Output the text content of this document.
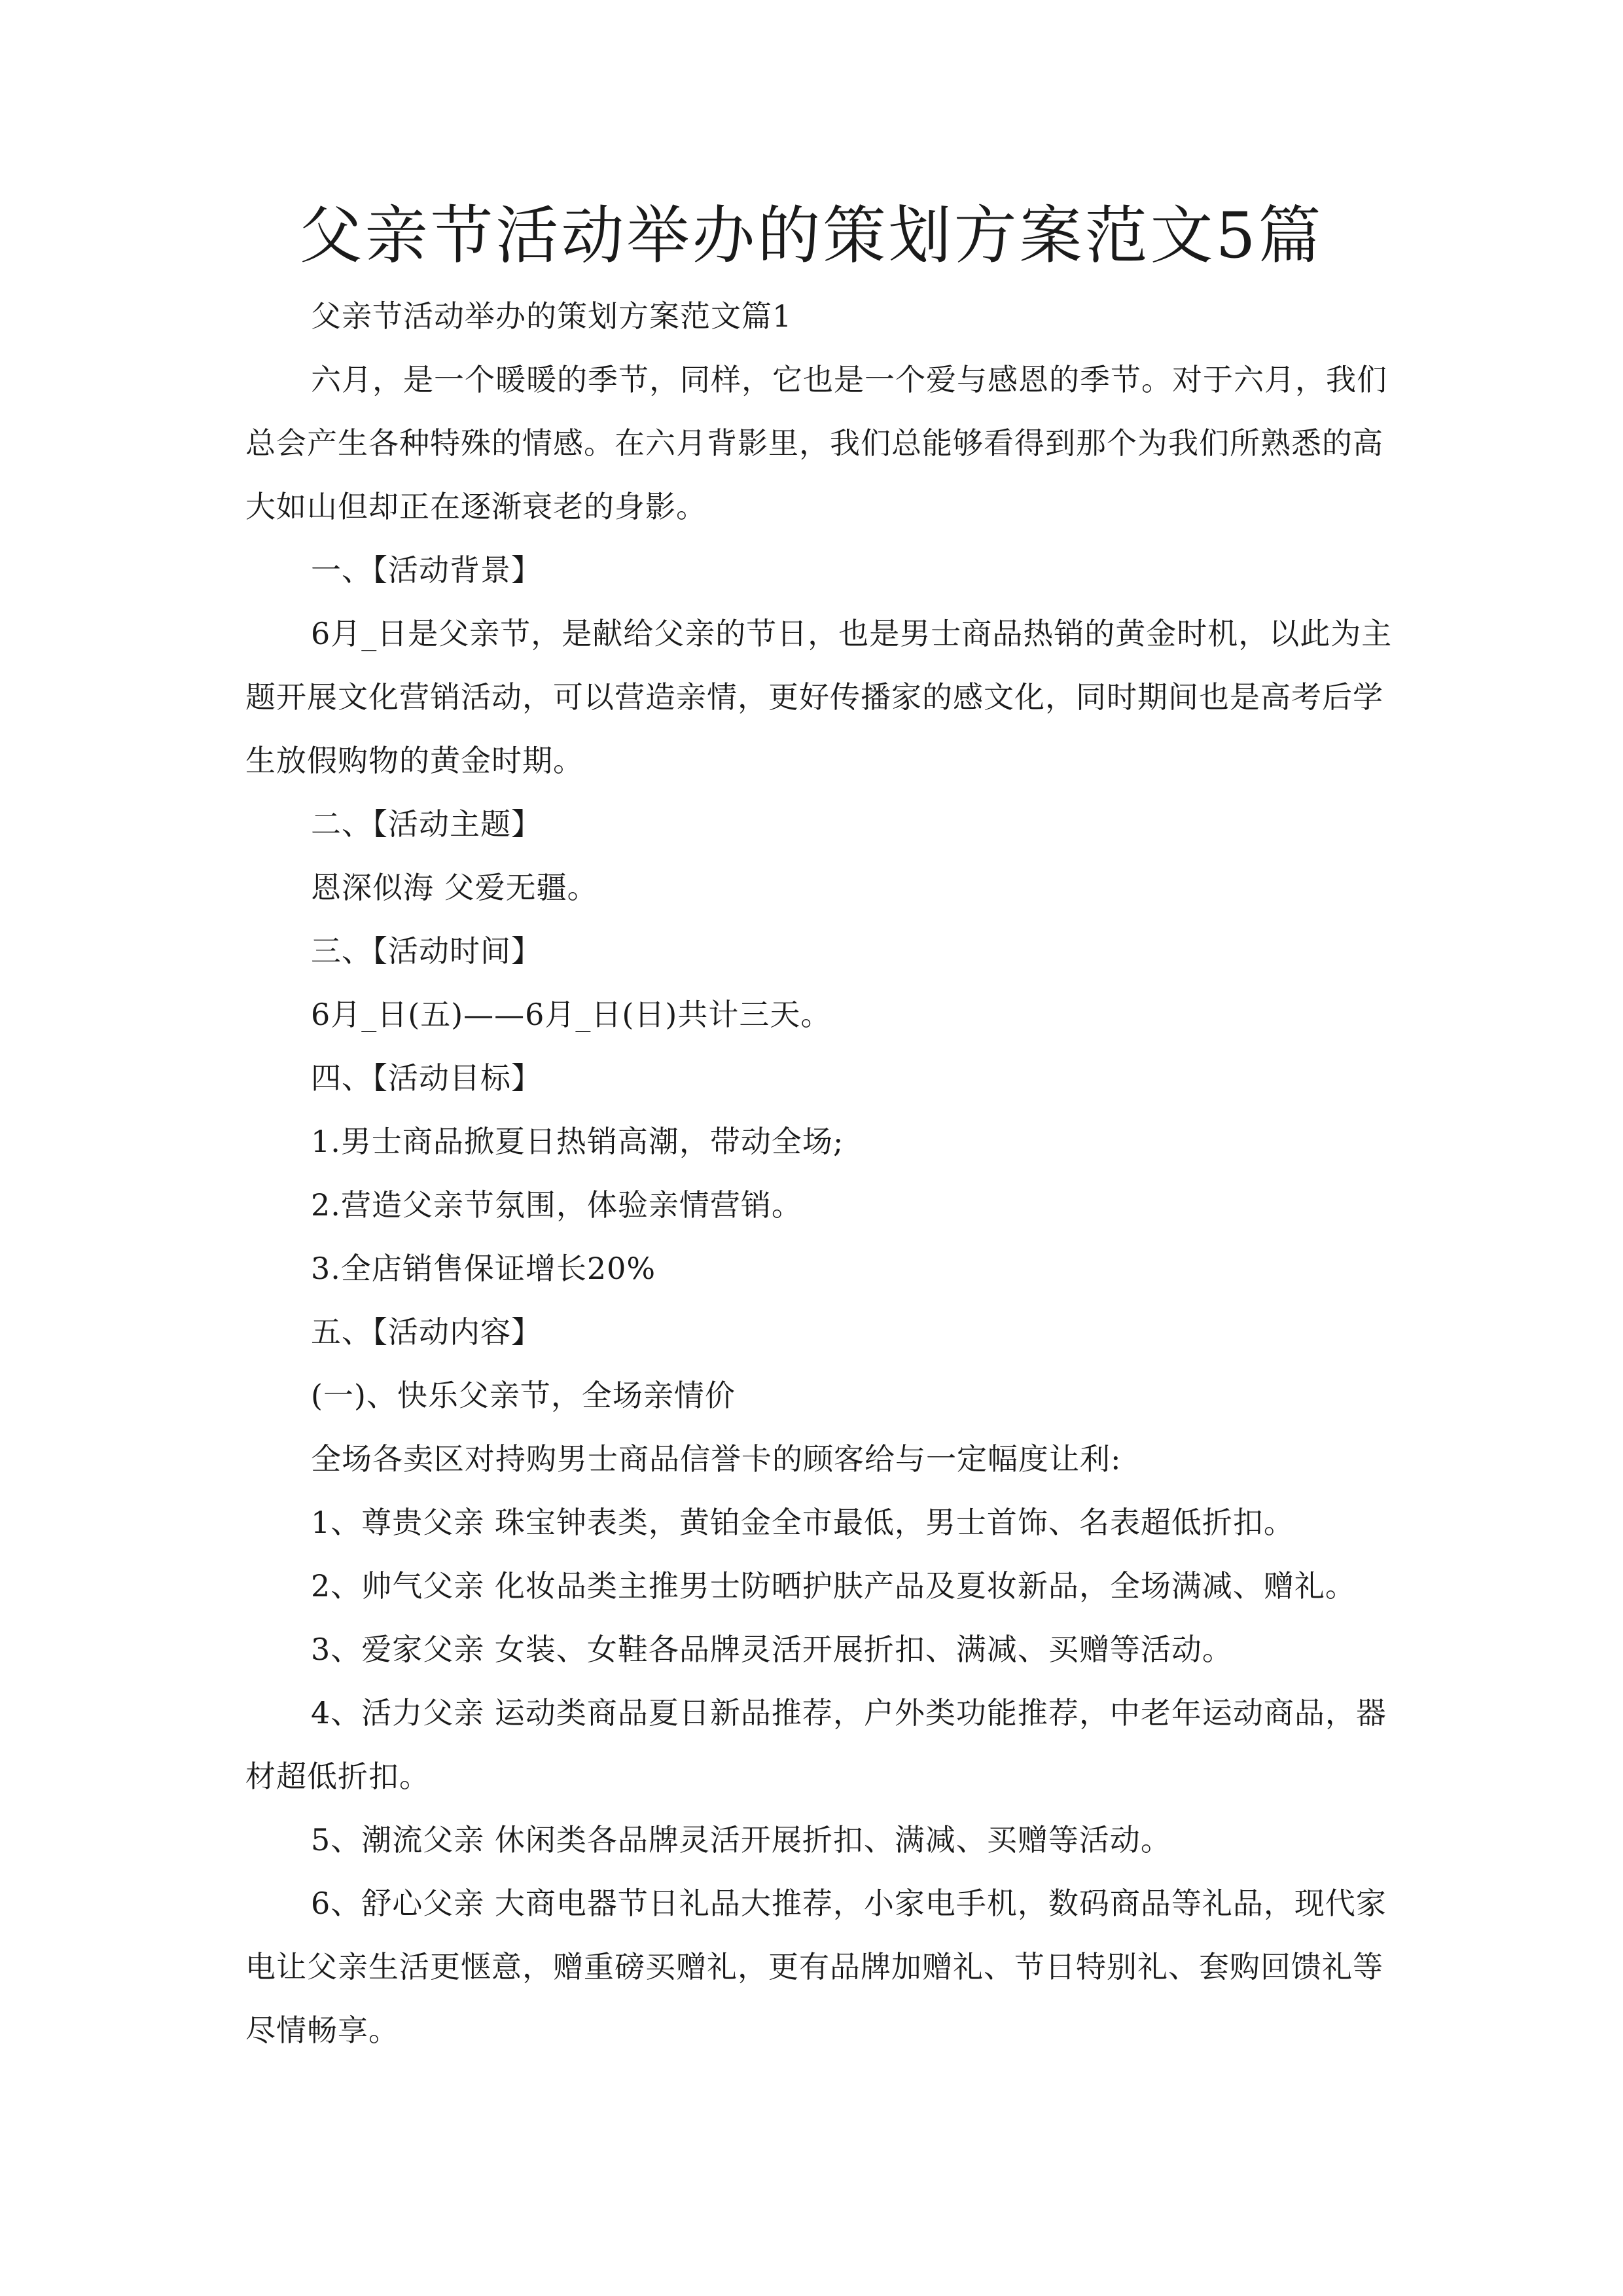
父亲节活动举办的策划方案范文5篇

父亲节活动举办的策划方案范文篇1

六月，是一个暖暖的季节，同样，它也是一个爱与感恩的季节。对于六月，我们总会产生各种特殊的情感。在六月背影里，我们总能够看得到那个为我们所熟悉的高大如山但却正在逐渐衰老的身影。

一、【活动背景】

6月_日是父亲节，是献给父亲的节日，也是男士商品热销的黄金时机，以此为主题开展文化营销活动，可以营造亲情，更好传播家的感文化，同时期间也是高考后学生放假购物的黄金时期。

二、【活动主题】

恩深似海 父爱无疆。

三、【活动时间】

6月_日(五)——6月_日(日)共计三天。

四、【活动目标】

1.男士商品掀夏日热销高潮，带动全场;

2.营造父亲节氛围，体验亲情营销。

3.全店销售保证增长20%

五、【活动内容】

(一)、快乐父亲节，全场亲情价

全场各卖区对持购男士商品信誉卡的顾客给与一定幅度让利:

1、尊贵父亲 珠宝钟表类，黄铂金全市最低，男士首饰、名表超低折扣。

2、帅气父亲 化妆品类主推男士防晒护肤产品及夏妆新品，全场满减、赠礼。

3、爱家父亲 女装、女鞋各品牌灵活开展折扣、满减、买赠等活动。

4、活力父亲 运动类商品夏日新品推荐，户外类功能推荐，中老年运动商品，器材超低折扣。

5、潮流父亲 休闲类各品牌灵活开展折扣、满减、买赠等活动。

6、舒心父亲 大商电器节日礼品大推荐，小家电手机，数码商品等礼品，现代家电让父亲生活更惬意，赠重磅买赠礼，更有品牌加赠礼、节日特别礼、套购回馈礼等尽情畅享。
